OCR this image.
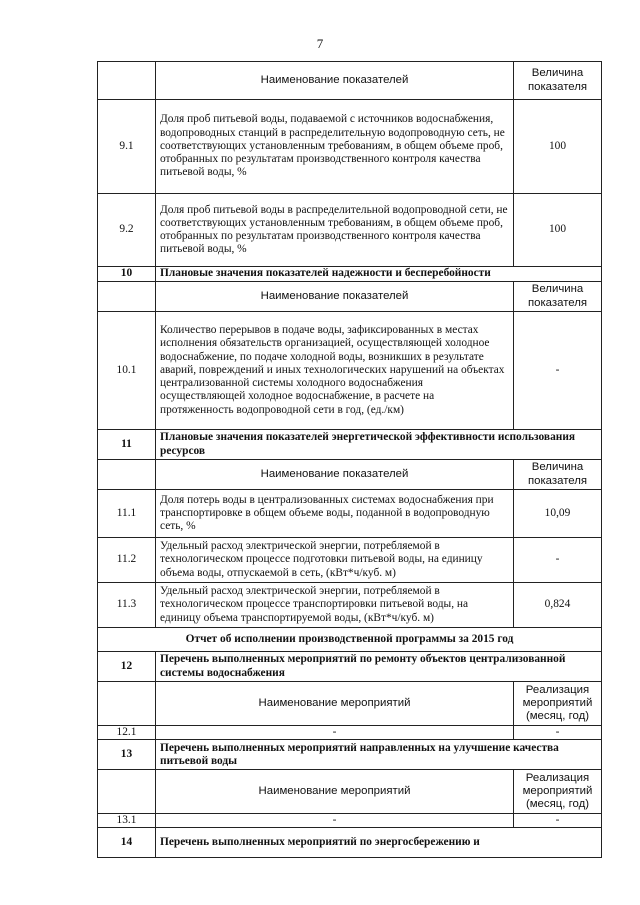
7
	Наименование показателей	Величина показателя
9.1	Доля проб питьевой воды, подаваемой с источников водоснабжения, водопроводных станций в распределительную водопроводную сеть, не соответствующих установленным требованиям, в общем объеме проб, отобранных по результатам производственного контроля качества питьевой воды, %	100
9.2	Доля проб питьевой воды в распределительной водопроводной сети, не соответствующих установленным требованиям, в общем объеме проб, отобранных по результатам производственного контроля качества питьевой воды, %	100
10	Плановые значения показателей надежности и бесперебойности	
	Наименование показателей	Величина показателя
10.1	Количество перерывов в подаче воды, зафиксированных в местах исполнения обязательств организацией, осуществляющей холодное водоснабжение, по подаче холодной воды, возникших в результате аварий, повреждений и иных технологических нарушений на объектах централизованной системы холодного водоснабжения осуществляющей холодное водоснабжение, в расчете на протяженность водопроводной сети в год, (ед./км)	-
11	Плановые значения показателей энергетической эффективности использования ресурсов	
	Наименование показателей	Величина показателя
11.1	Доля потерь воды в централизованных системах водоснабжения при транспортировке в общем объеме воды, поданной в водопроводную сеть, %	10,09
11.2	Удельный расход электрической энергии, потребляемой в технологическом процессе подготовки питьевой воды, на единицу объема воды, отпускаемой в сеть, (кВт*ч/куб. м)	-
11.3	Удельный расход электрической энергии, потребляемой в технологическом процессе транспортировки питьевой воды, на единицу объема транспортируемой воды, (кВт*ч/куб. м)	0,824
Отчет об исполнении производственной программы за 2015 год		
12	Перечень выполненных мероприятий по ремонту объектов централизованной системы водоснабжения	
	Наименование мероприятий	Реализация мероприятий (месяц, год)
12.1	-	-
13	Перечень выполненных мероприятий направленных на улучшение качества питьевой воды	
	Наименование мероприятий	Реализация мероприятий (месяц, год)
13.1	-	-
14	Перечень выполненных мероприятий по энергосбережению и	
